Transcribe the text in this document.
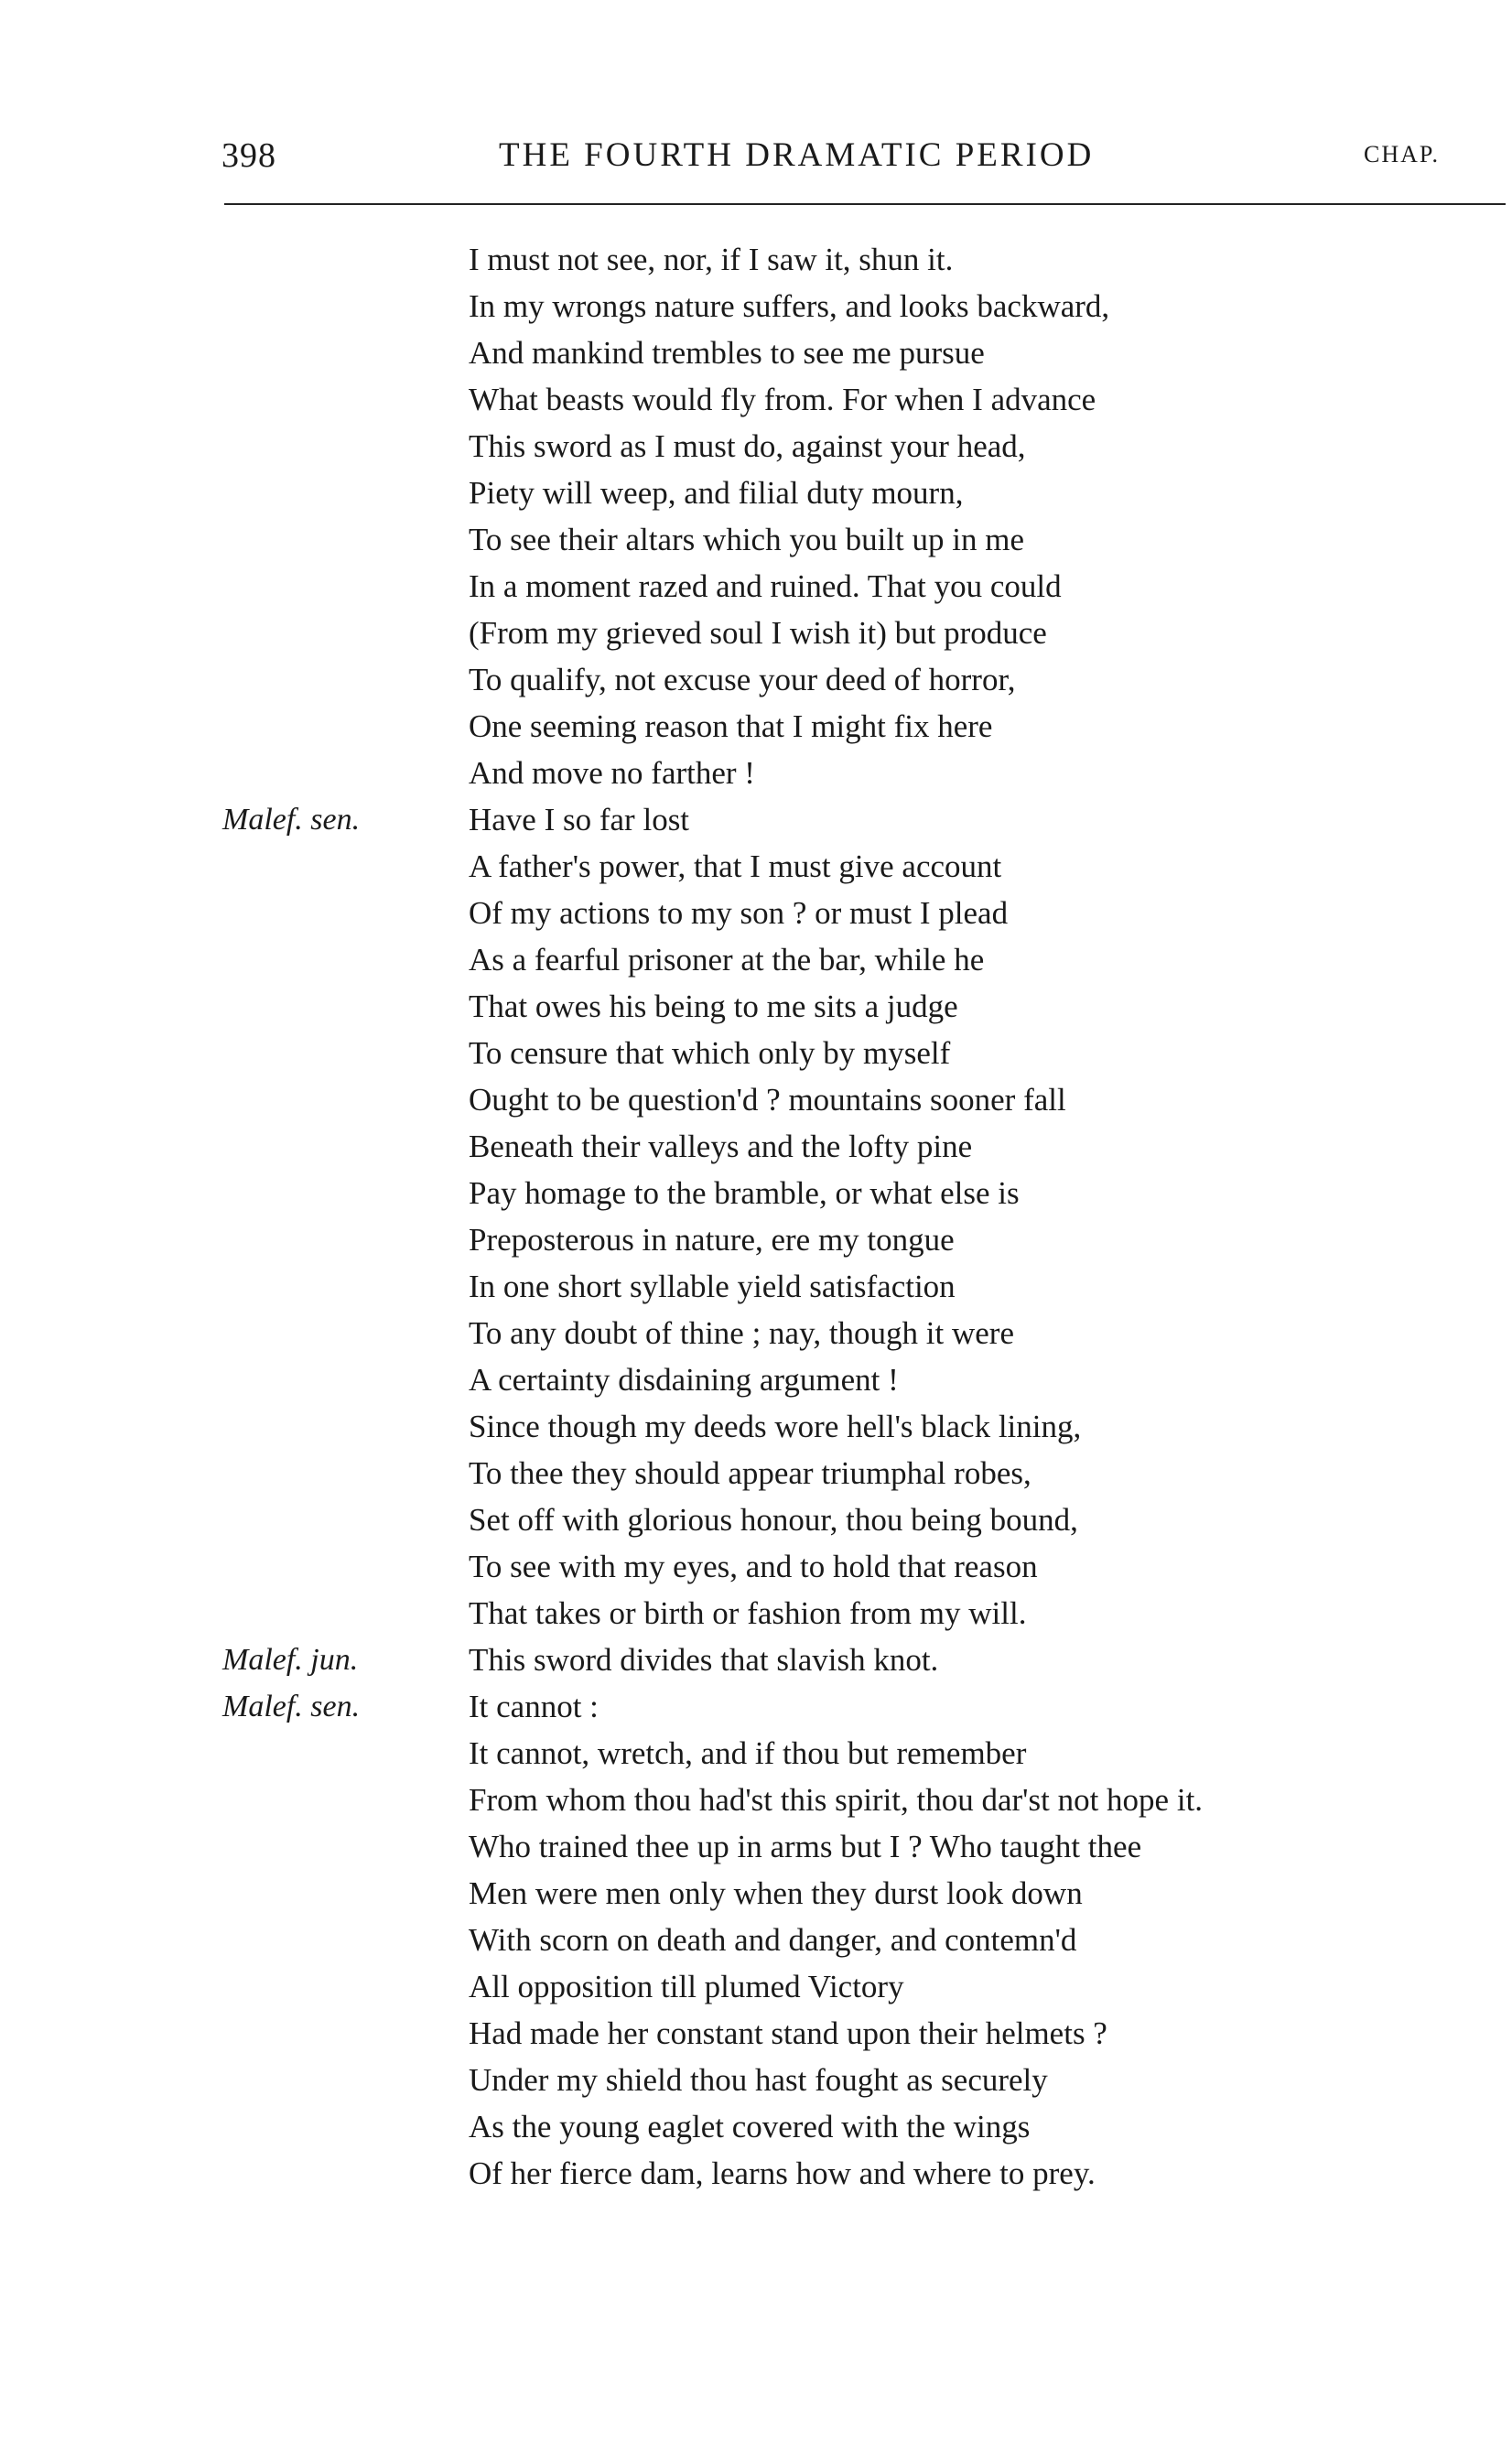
398	THE FOURTH DRAMATIC PERIOD	CHAP.
I must not see, nor, if I saw it, shun it.
In my wrongs nature suffers, and looks backward,
And mankind trembles to see me pursue
What beasts would fly from. For when I advance
This sword as I must do, against your head,
Piety will weep, and filial duty mourn,
To see their altars which you built up in me
In a moment razed and ruined. That you could
(From my grieved soul I wish it) but produce
To qualify, not excuse your deed of horror,
One seeming reason that I might fix here
And move no farther !
Malef. sen.	Have I so far lost
A father's power, that I must give account
Of my actions to my son ? or must I plead
As a fearful prisoner at the bar, while he
That owes his being to me sits a judge
To censure that which only by myself
Ought to be question'd ? mountains sooner fall
Beneath their valleys and the lofty pine
Pay homage to the bramble, or what else is
Preposterous in nature, ere my tongue
In one short syllable yield satisfaction
To any doubt of thine ; nay, though it were
A certainty disdaining argument !
Since though my deeds wore hell's black lining,
To thee they should appear triumphal robes,
Set off with glorious honour, thou being bound,
To see with my eyes, and to hold that reason
That takes or birth or fashion from my will.
Malef. jun.	This sword divides that slavish knot.
Malef. sen.	It cannot :
It cannot, wretch, and if thou but remember
From whom thou had'st this spirit, thou dar'st not hope it.
Who trained thee up in arms but I ? Who taught thee
Men were men only when they durst look down
With scorn on death and danger, and contemn'd
All opposition till plumed Victory
Had made her constant stand upon their helmets ?
Under my shield thou hast fought as securely
As the young eaglet covered with the wings
Of her fierce dam, learns how and where to prey.
